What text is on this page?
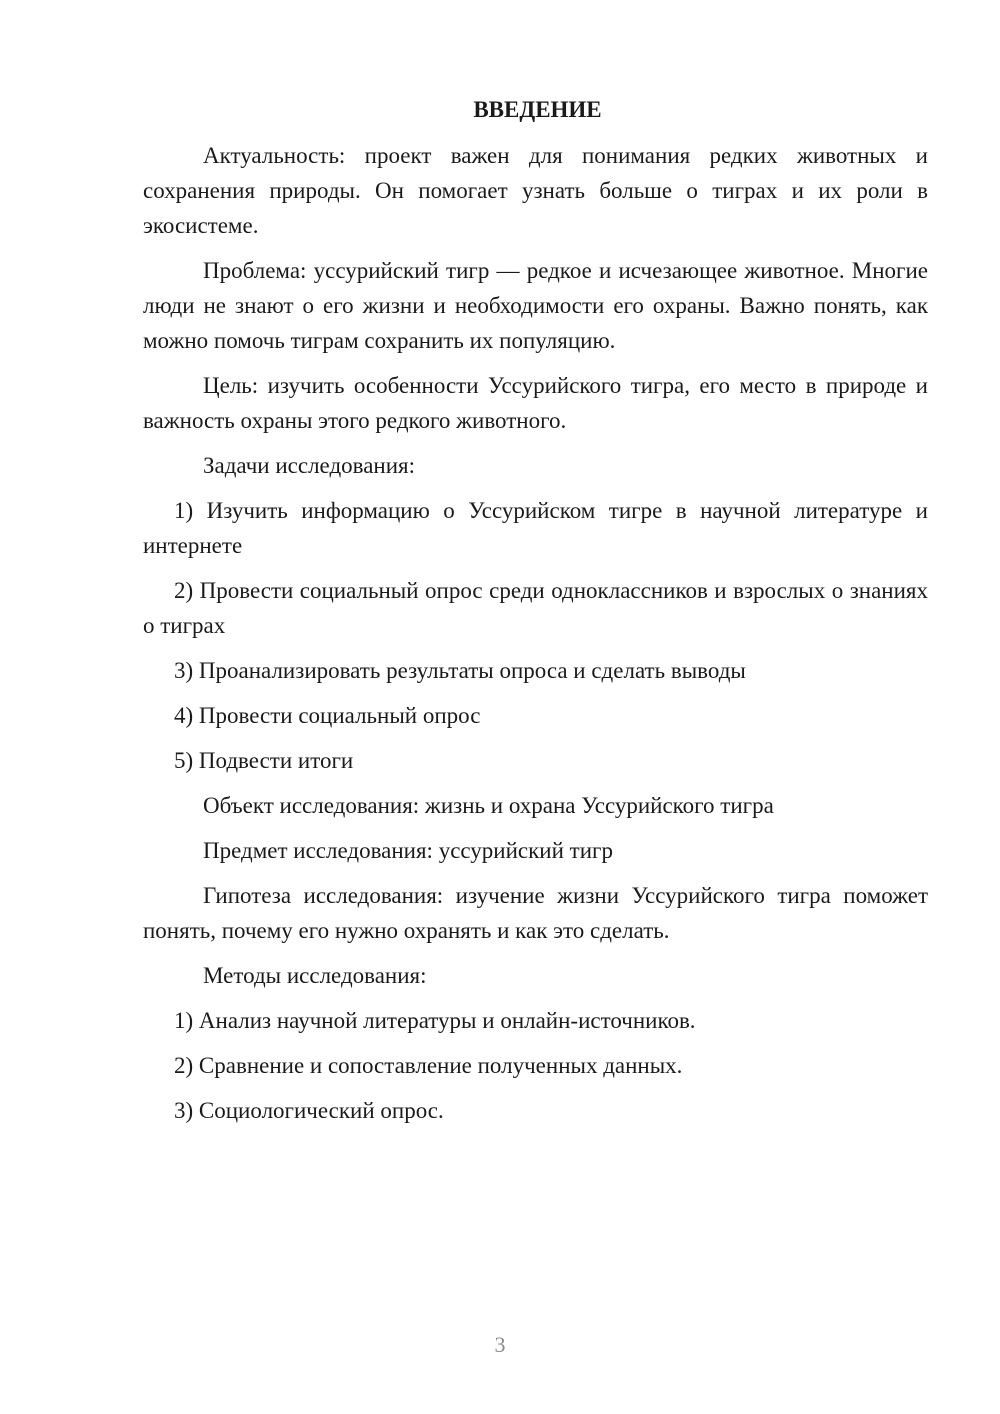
ВВЕДЕНИЕ

Актуальность: проект важен для понимания редких животных и сохранения природы. Он помогает узнать больше о тиграх и их роли в экосистеме.

Проблема: уссурийский тигр — редкое и исчезающее животное. Многие люди не знают о его жизни и необходимости его охраны. Важно понять, как можно помочь тиграм сохранить их популяцию.

Цель: изучить особенности Уссурийского тигра, его место в природе и важность охраны этого редкого животного.

Задачи исследования:

1) Изучить информацию о Уссурийском тигре в научной литературе и интернете

2) Провести социальный опрос среди одноклассников и взрослых о знаниях о тиграх

3) Проанализировать результаты опроса и сделать выводы

4) Провести социальный опрос

5) Подвести итоги

Объект исследования: жизнь и охрана Уссурийского тигра

Предмет исследования: уссурийский тигр

Гипотеза исследования: изучение жизни Уссурийского тигра поможет понять, почему его нужно охранять и как это сделать.

Методы исследования:

1) Анализ научной литературы и онлайн-источников.

2) Сравнение и сопоставление полученных данных.

3) Социологический опрос.

3
